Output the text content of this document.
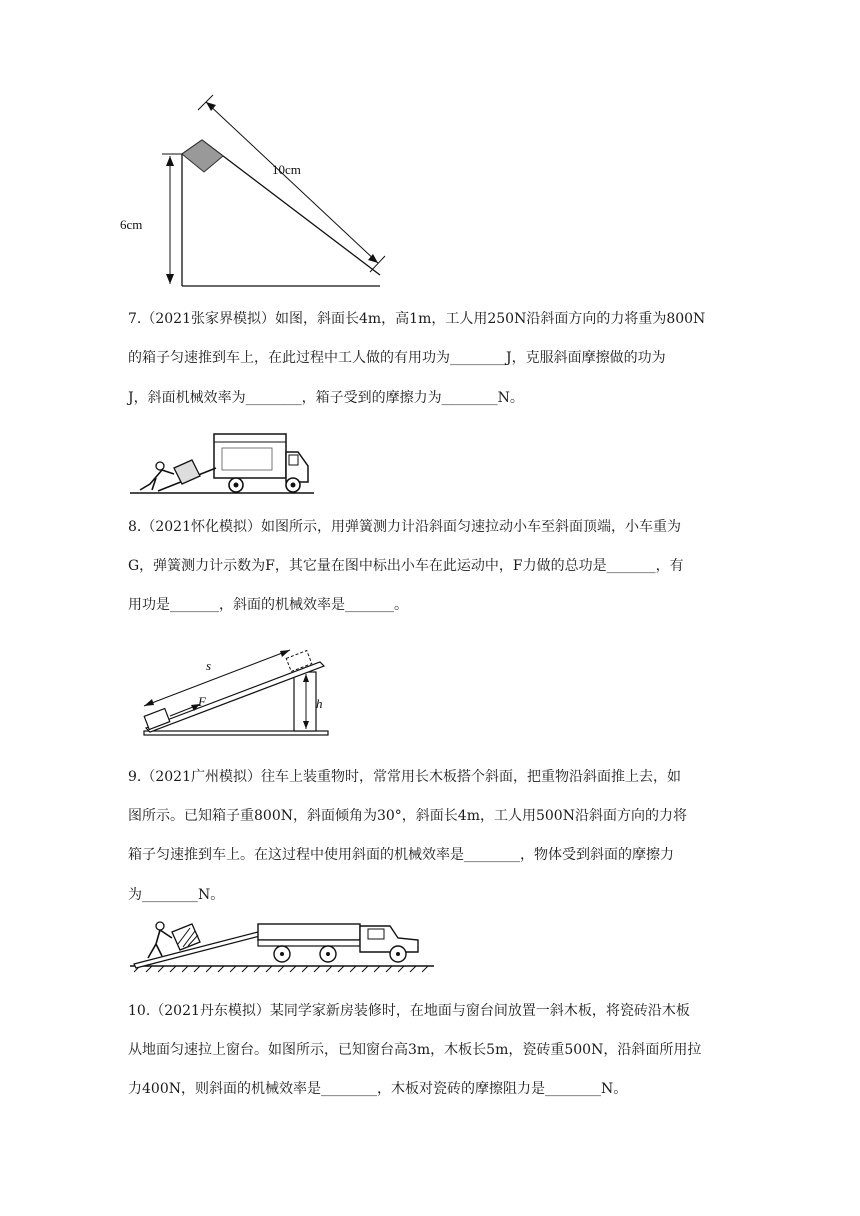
10cm
6cm
7.（2021张家界模拟）如图，斜面长4m，高1m，工人用250N沿斜面方向的力将重为800N
的箱子匀速推到车上，在此过程中工人做的有用功为________J，克服斜面摩擦做的功为
J，斜面机械效率为________，箱子受到的摩擦力为________N。
8.（2021怀化模拟）如图所示，用弹簧测力计沿斜面匀速拉动小车至斜面顶端，小车重为
G，弹簧测力计示数为F，其它量在图中标出小车在此运动中，F力做的总功是_______，有
用功是_______，斜面的机械效率是_______。
s
F	h
9.（2021广州模拟）往车上装重物时，常常用长木板搭个斜面，把重物沿斜面推上去，如
图所示。已知箱子重800N，斜面倾角为30°，斜面长4m，工人用500N沿斜面方向的力将
箱子匀速推到车上。在这过程中使用斜面的机械效率是________，物体受到斜面的摩擦力
为________N。
10.（2021丹东模拟）某同学家新房装修时，在地面与窗台间放置一斜木板，将瓷砖沿木板
从地面匀速拉上窗台。如图所示，已知窗台高3m，木板长5m，瓷砖重500N，沿斜面所用拉
力400N，则斜面的机械效率是________，木板对瓷砖的摩擦阻力是________N。
